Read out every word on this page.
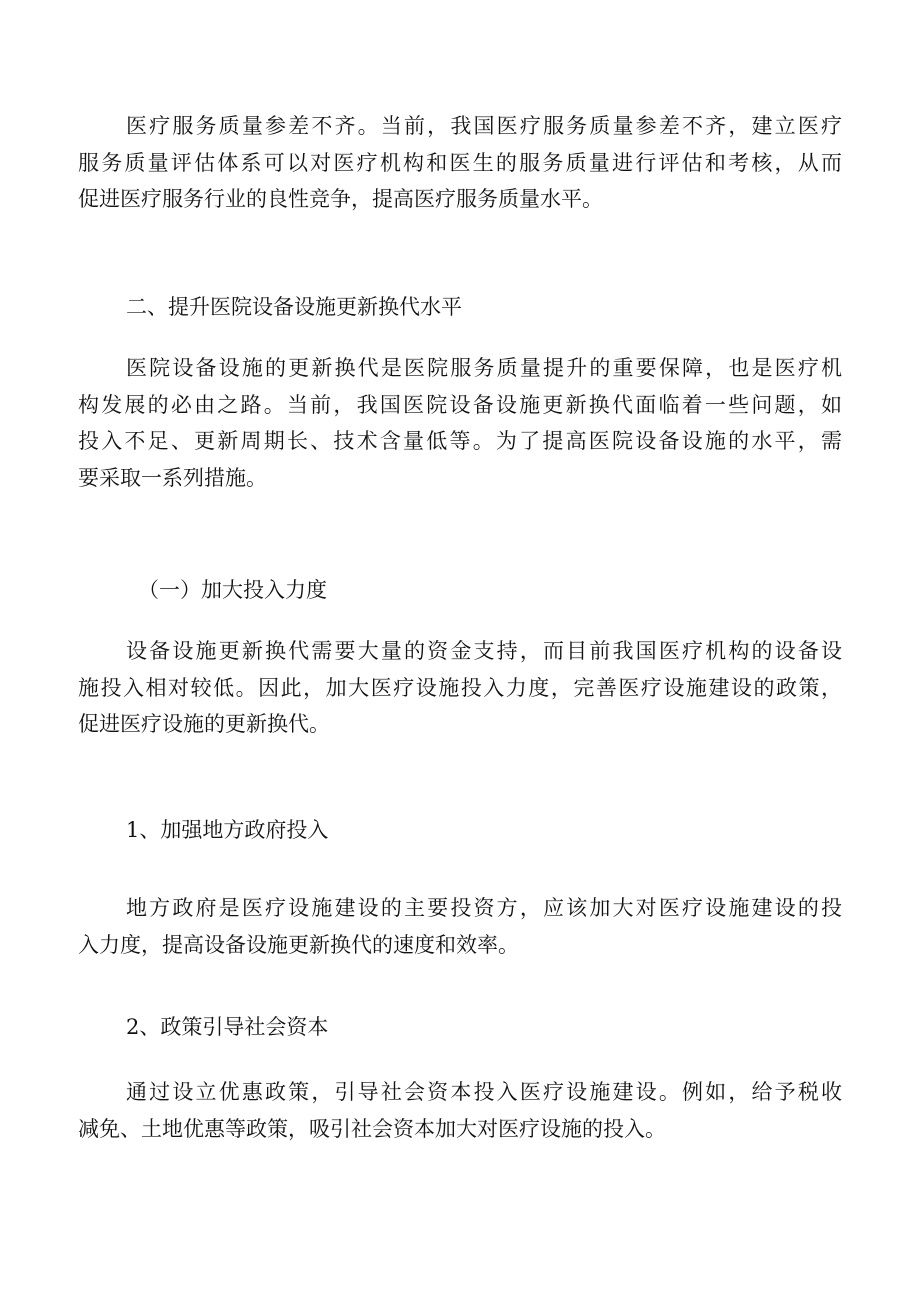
医疗服务质量参差不齐。当前，我国医疗服务质量参差不齐，建立医疗
服务质量评估体系可以对医疗机构和医生的服务质量进行评估和考核，从而
促进医疗服务行业的良性竞争，提高医疗服务质量水平。
二、提升医院设备设施更新换代水平
医院设备设施的更新换代是医院服务质量提升的重要保障，也是医疗机
构发展的必由之路。当前，我国医院设备设施更新换代面临着一些问题，如
投入不足、更新周期长、技术含量低等。为了提高医院设备设施的水平，需
要采取一系列措施。
（一）加大投入力度
设备设施更新换代需要大量的资金支持，而目前我国医疗机构的设备设
施投入相对较低。因此，加大医疗设施投入力度，完善医疗设施建设的政策，
促进医疗设施的更新换代。
1、加强地方政府投入
地方政府是医疗设施建设的主要投资方，应该加大对医疗设施建设的投
入力度，提高设备设施更新换代的速度和效率。
2、政策引导社会资本
通过设立优惠政策，引导社会资本投入医疗设施建设。例如，给予税收
减免、土地优惠等政策，吸引社会资本加大对医疗设施的投入。
